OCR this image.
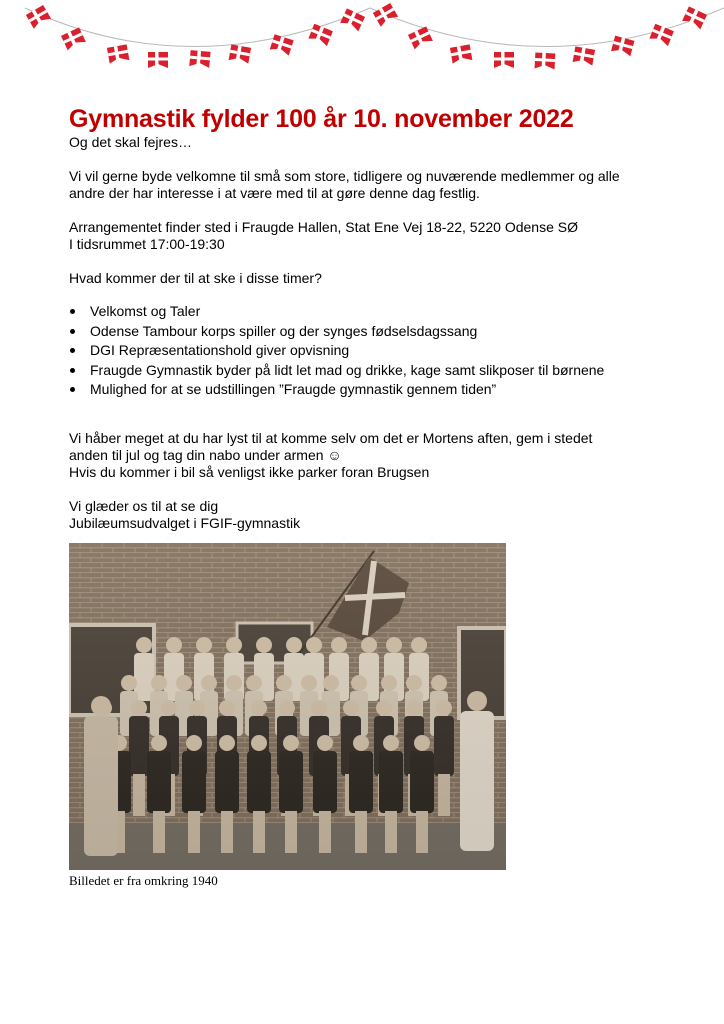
Gymnastik fylder 100 år 10. november 2022

Og det skal fejres…

Vi vil gerne byde velkomne til små som store, tidligere og nuværende medlemmer og alle

andre der har interesse i at være med til at gøre denne dag festlig.

Arrangementet finder sted i Fraugde Hallen, Stat Ene Vej 18-22, 5220 Odense SØ

I tidsrummet 17:00-19:30

Hvad kommer der til at ske i disse timer?

Velkomst og Taler
Odense Tambour korps spiller og der synges fødselsdagssang
DGI Repræsentationshold giver opvisning
Fraugde Gymnastik byder på lidt let mad og drikke, kage samt slikposer til børnene
Mulighed for at se udstillingen ”Fraugde gymnastik gennem tiden”

Vi håber meget at du har lyst til at komme selv om det er Mortens aften, gem i stedet

anden til jul og tag din nabo under armen ☺

Hvis du kommer i bil så venligst ikke parker foran Brugsen

Vi glæder os til at se dig

Jubilæumsudvalget i FGIF-gymnastik

Billedet er fra omkring 1940
